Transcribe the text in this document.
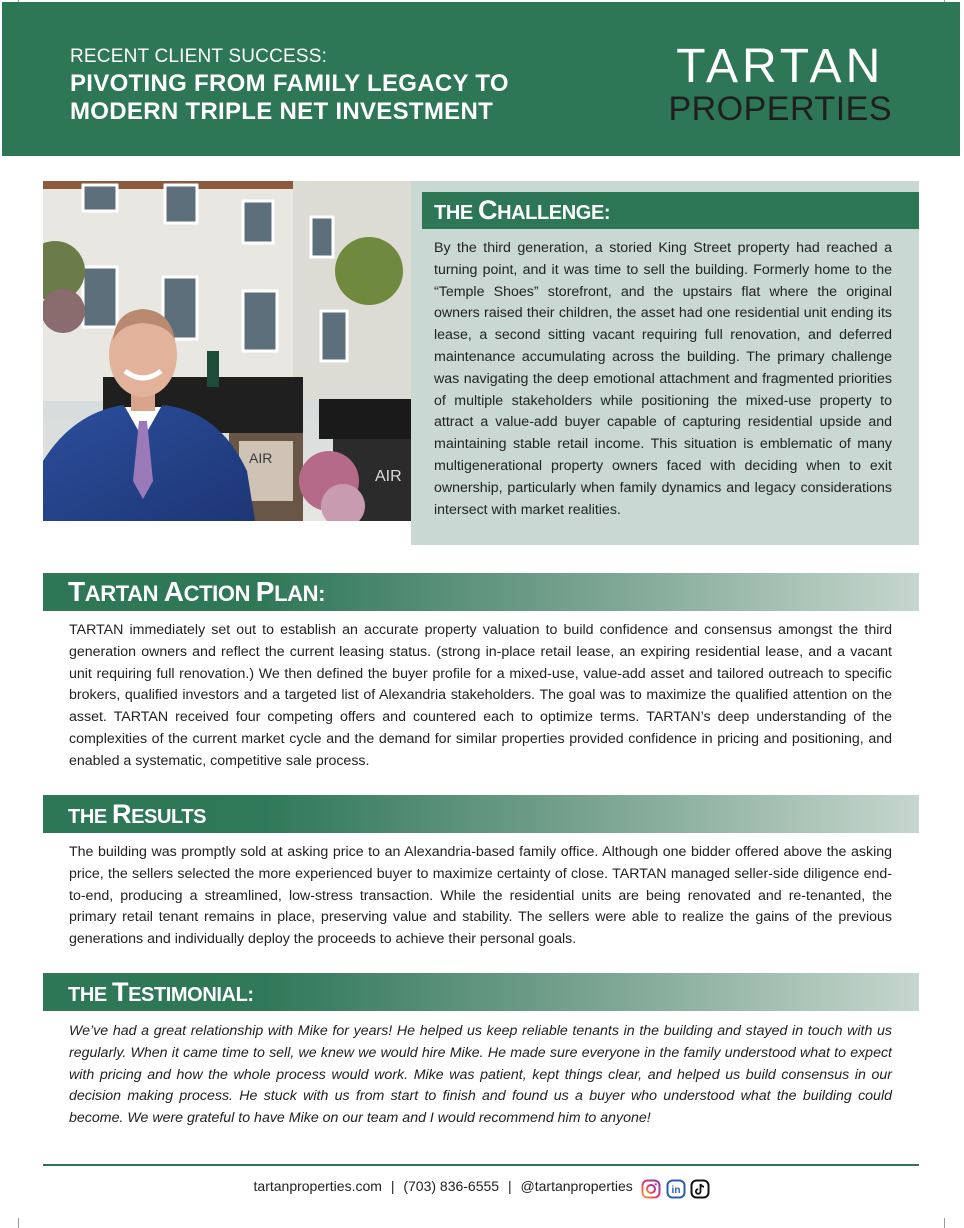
RECENT CLIENT SUCCESS:
PIVOTING FROM FAMILY LEGACY TO
MODERN TRIPLE NET INVESTMENT
TARTAN
PROPERTIES
AIR
AIR
THE CHALLENGE:

By the third generation, a storied King Street property had reached a turning point, and it was time to sell the building. Formerly home to the “Temple Shoes” storefront, and the upstairs flat where the original owners raised their children, the asset had one residential unit ending its lease, a second sitting vacant requiring full renovation, and deferred maintenance accumulating across the building. The primary challenge was navigating the deep emotional attachment and fragmented priorities of multiple stakeholders while positioning the mixed-use property to attract a value-add buyer capable of capturing residential upside and maintaining stable retail income. This situation is emblematic of many multigenerational property owners faced with deciding when to exit ownership, particularly when family dynamics and legacy considerations intersect with market realities.

TARTAN ACTION PLAN:

TARTAN immediately set out to establish an accurate property valuation to build confidence and consensus amongst the third generation owners and reflect the current leasing status. (strong in-place retail lease, an expiring residential lease, and a vacant unit requiring full renovation.) We then defined the buyer profile for a mixed-use, value-add asset and tailored outreach to specific brokers, qualified investors and a targeted list of Alexandria stakeholders. The goal was to maximize the qualified attention on the asset. TARTAN received four competing offers and countered each to optimize terms. TARTAN’s deep understanding of the complexities of the current market cycle and the demand for similar properties provided confidence in pricing and positioning, and enabled a systematic, competitive sale process.

THE RESULTS

The building was promptly sold at asking price to an Alexandria-based family office. Although one bidder offered above the asking price, the sellers selected the more experienced buyer to maximize certainty of close. TARTAN managed seller-side diligence end-to-end, producing a streamlined, low-stress transaction. While the residential units are being renovated and re-tenanted, the primary retail tenant remains in place, preserving value and stability. The sellers were able to realize the gains of the previous generations and individually deploy the proceeds to achieve their personal goals.

THE TESTIMONIAL:

We’ve had a great relationship with Mike for years! He helped us keep reliable tenants in the building and stayed in touch with us regularly. When it came time to sell, we knew we would hire Mike. He made sure everyone in the family understood what to expect with pricing and how the whole process would work. Mike was patient, kept things clear, and helped us build consensus in our decision making process. He stuck with us from start to finish and found us a buyer who understood what the building could become. We were grateful to have Mike on our team and I would recommend him to anyone!

tartanproperties.com | (703) 836-6555 | @tartanproperties	in
